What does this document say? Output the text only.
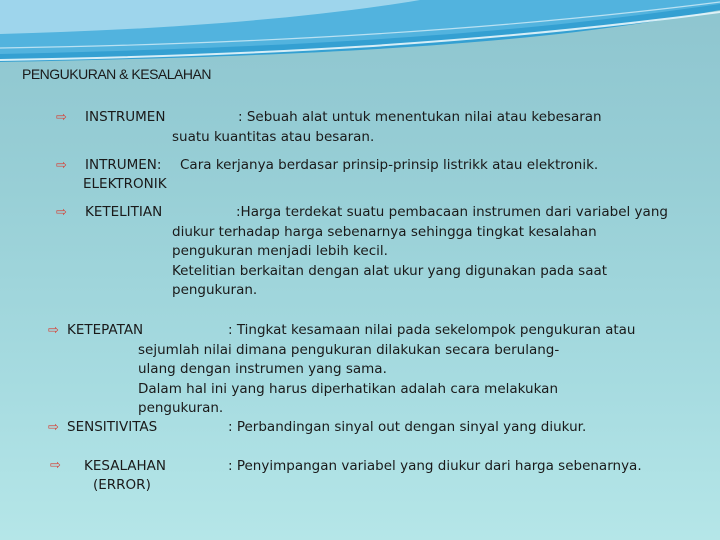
PENGUKURAN & KESALAHAN
⇨ INSTRUMEN	: Sebuah alat untuk menentukan nilai atau kebesaran
suatu kuantitas atau besaran.
⇨ INTRUMEN:
ELEKTRONIK
Cara kerjanya berdasar prinsip-prinsip listrikk atau elektronik.
⇨ KETELITIAN	:Harga terdekat suatu pembacaan instrumen dari variabel yang
diukur terhadap harga sebenarnya sehingga tingkat kesalahan
pengukuran menjadi lebih kecil.
Ketelitian berkaitan dengan alat ukur yang digunakan pada saat
pengukuran.
⇨ KETEPATAN	: Tingkat kesamaan nilai pada sekelompok pengukuran atau
sejumlah nilai dimana pengukuran dilakukan secara berulang-
ulang dengan instrumen yang sama.
Dalam hal ini yang harus diperhatikan adalah cara melakukan
pengukuran.
⇨ SENSITIVITAS	: Perbandingan sinyal out dengan sinyal yang diukur.
⇨ KESALAHAN
(ERROR)
: Penyimpangan variabel yang diukur dari harga sebenarnya.
